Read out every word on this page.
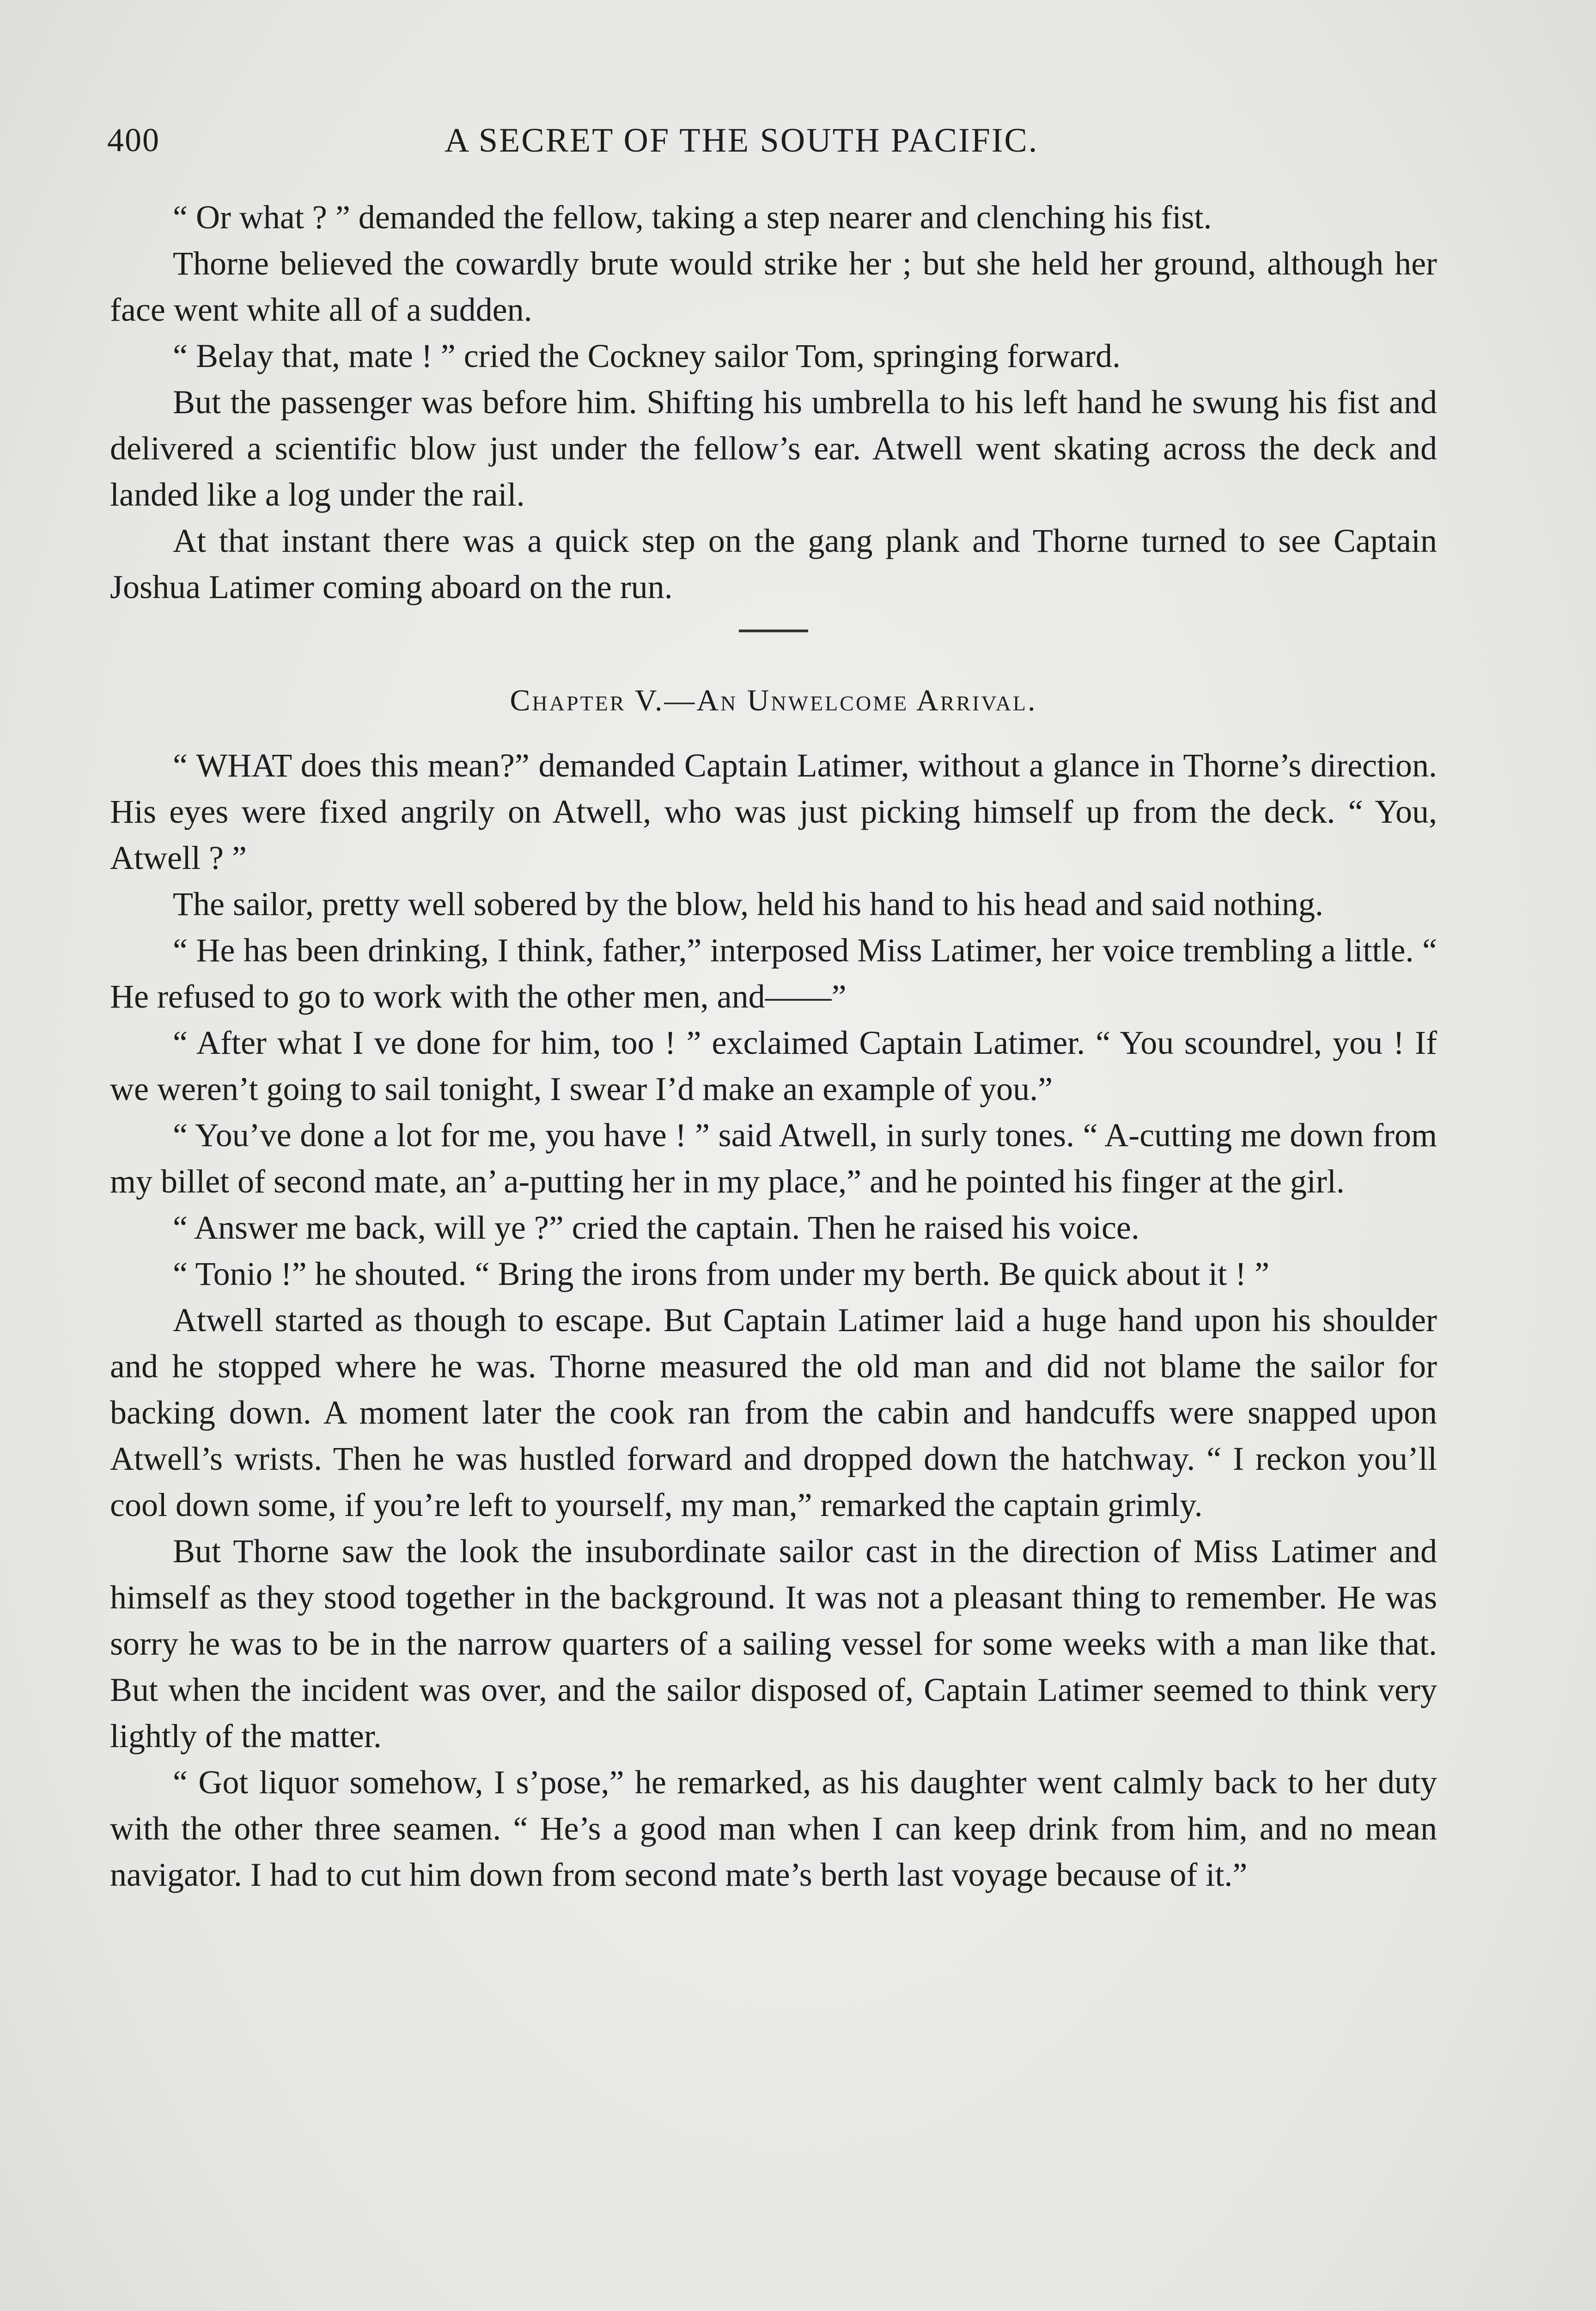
400	A SECRET OF THE SOUTH PACIFIC.

“ Or what ? ” demanded the fellow, taking a step nearer and clenching his fist.

Thorne believed the cowardly brute would strike her ; but she held her ground, although her face went white all of a sudden.

“ Belay that, mate ! ” cried the Cockney sailor Tom, springing forward.

But the passenger was before him. Shifting his umbrella to his left hand he swung his fist and delivered a scientific blow just under the fellow’s ear. Atwell went skating across the deck and landed like a log under the rail.

At that instant there was a quick step on the gang plank and Thorne turned to see Captain Joshua Latimer coming aboard on the run.

Chapter V.—An Unwelcome Arrival.

“ WHAT does this mean?” demanded Captain Latimer, without a glance in Thorne’s direction. His eyes were fixed angrily on Atwell, who was just picking himself up from the deck. “ You, Atwell ? ”

The sailor, pretty well sobered by the blow, held his hand to his head and said nothing.

“ He has been drinking, I think, father,” interposed Miss Latimer, her voice trembling a little. “ He refused to go to work with the other men, and——”

“ After what I ve done for him, too ! ” exclaimed Captain Latimer. “ You scoundrel, you ! If we weren’t going to sail tonight, I swear I’d make an example of you.”

“ You’ve done a lot for me, you have ! ” said Atwell, in surly tones. “ A-cutting me down from my billet of second mate, an’ a-putting her in my place,” and he pointed his finger at the girl.

“ Answer me back, will ye ?” cried the captain. Then he raised his voice.

“ Tonio !” he shouted. “ Bring the irons from under my berth. Be quick about it ! ”

Atwell started as though to escape. But Captain Latimer laid a huge hand upon his shoulder and he stopped where he was. Thorne measured the old man and did not blame the sailor for backing down. A moment later the cook ran from the cabin and handcuffs were snapped upon Atwell’s wrists. Then he was hustled forward and dropped down the hatchway. “ I reckon you’ll cool down some, if you’re left to yourself, my man,” remarked the captain grimly.

But Thorne saw the look the insubordinate sailor cast in the direction of Miss Latimer and himself as they stood together in the background. It was not a pleasant thing to remember. He was sorry he was to be in the narrow quarters of a sailing vessel for some weeks with a man like that. But when the incident was over, and the sailor disposed of, Captain Latimer seemed to think very lightly of the matter.

“ Got liquor somehow, I s’pose,” he remarked, as his daughter went calmly back to her duty with the other three seamen. “ He’s a good man when I can keep drink from him, and no mean navigator. I had to cut him down from second mate’s berth last voyage because of it.”
